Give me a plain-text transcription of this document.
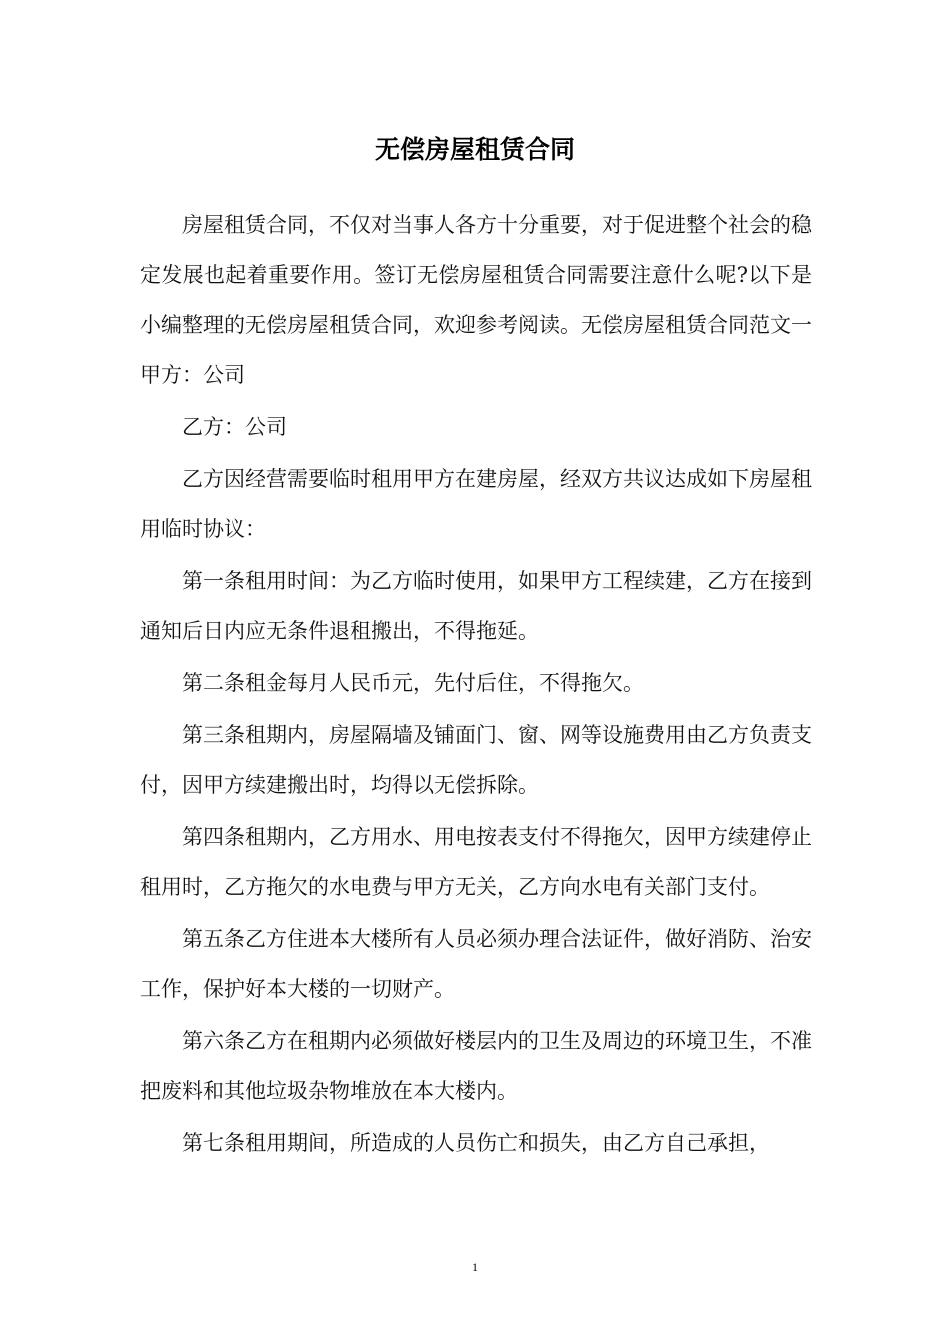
无偿房屋租赁合同

房屋租赁合同，不仅对当事人各方十分重要，对于促进整个社会的稳定发展也起着重要作用。签订无偿房屋租赁合同需要注意什么呢?以下是小编整理的无偿房屋租赁合同，欢迎参考阅读。无偿房屋租赁合同范文一甲方：公司

乙方：公司

乙方因经营需要临时租用甲方在建房屋，经双方共议达成如下房屋租用临时协议：

第一条租用时间：为乙方临时使用，如果甲方工程续建，乙方在接到通知后日内应无条件退租搬出，不得拖延。

第二条租金每月人民币元，先付后住，不得拖欠。

第三条租期内，房屋隔墙及铺面门、窗、网等设施费用由乙方负责支付，因甲方续建搬出时，均得以无偿拆除。

第四条租期内，乙方用水、用电按表支付不得拖欠，因甲方续建停止租用时，乙方拖欠的水电费与甲方无关，乙方向水电有关部门支付。

第五条乙方住进本大楼所有人员必须办理合法证件，做好消防、治安工作，保护好本大楼的一切财产。

第六条乙方在租期内必须做好楼层内的卫生及周边的环境卫生，不准把废料和其他垃圾杂物堆放在本大楼内。

第七条租用期间，所造成的人员伤亡和损失，由乙方自己承担，

1
